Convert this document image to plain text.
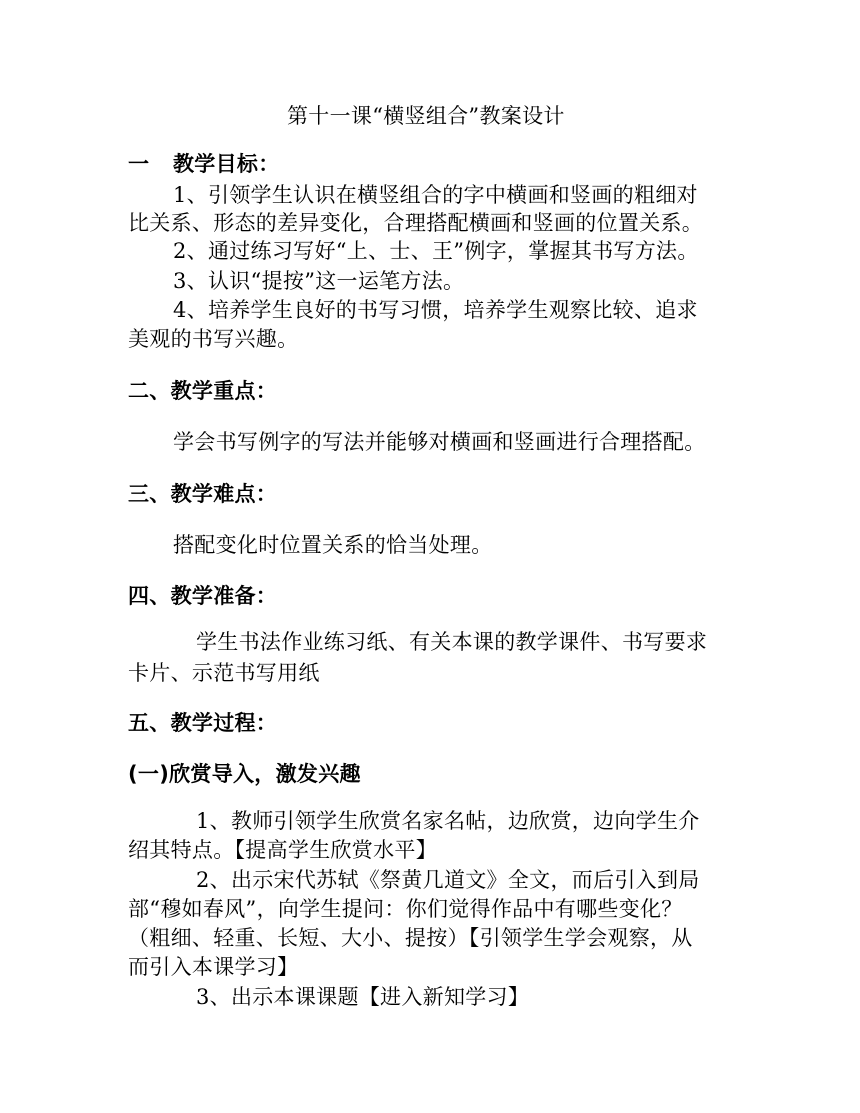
第十一课“横竖组合”教案设计
一 教学目标：
1、引领学生认识在横竖组合的字中横画和竖画的粗细对
比关系、形态的差异变化，合理搭配横画和竖画的位置关系。
2、通过练习写好“上、士、王”例字，掌握其书写方法。
3、认识“提按”这一运笔方法。
4、培养学生良好的书写习惯，培养学生观察比较、追求
美观的书写兴趣。
二、教学重点：
学会书写例字的写法并能够对横画和竖画进行合理搭配。
三、教学难点：
搭配变化时位置关系的恰当处理。
四、教学准备：
学生书法作业练习纸、有关本课的教学课件、书写要求
卡片、示范书写用纸
五、教学过程：
(一)欣赏导入，激发兴趣
1、教师引领学生欣赏名家名帖，边欣赏，边向学生介
绍其特点。【提高学生欣赏水平】
2、出示宋代苏轼《祭黄几道文》全文，而后引入到局
部“穆如春风”，向学生提问：你们觉得作品中有哪些变化？
（粗细、轻重、长短、大小、提按）【引领学生学会观察，从
而引入本课学习】
3、出示本课课题【进入新知学习】
